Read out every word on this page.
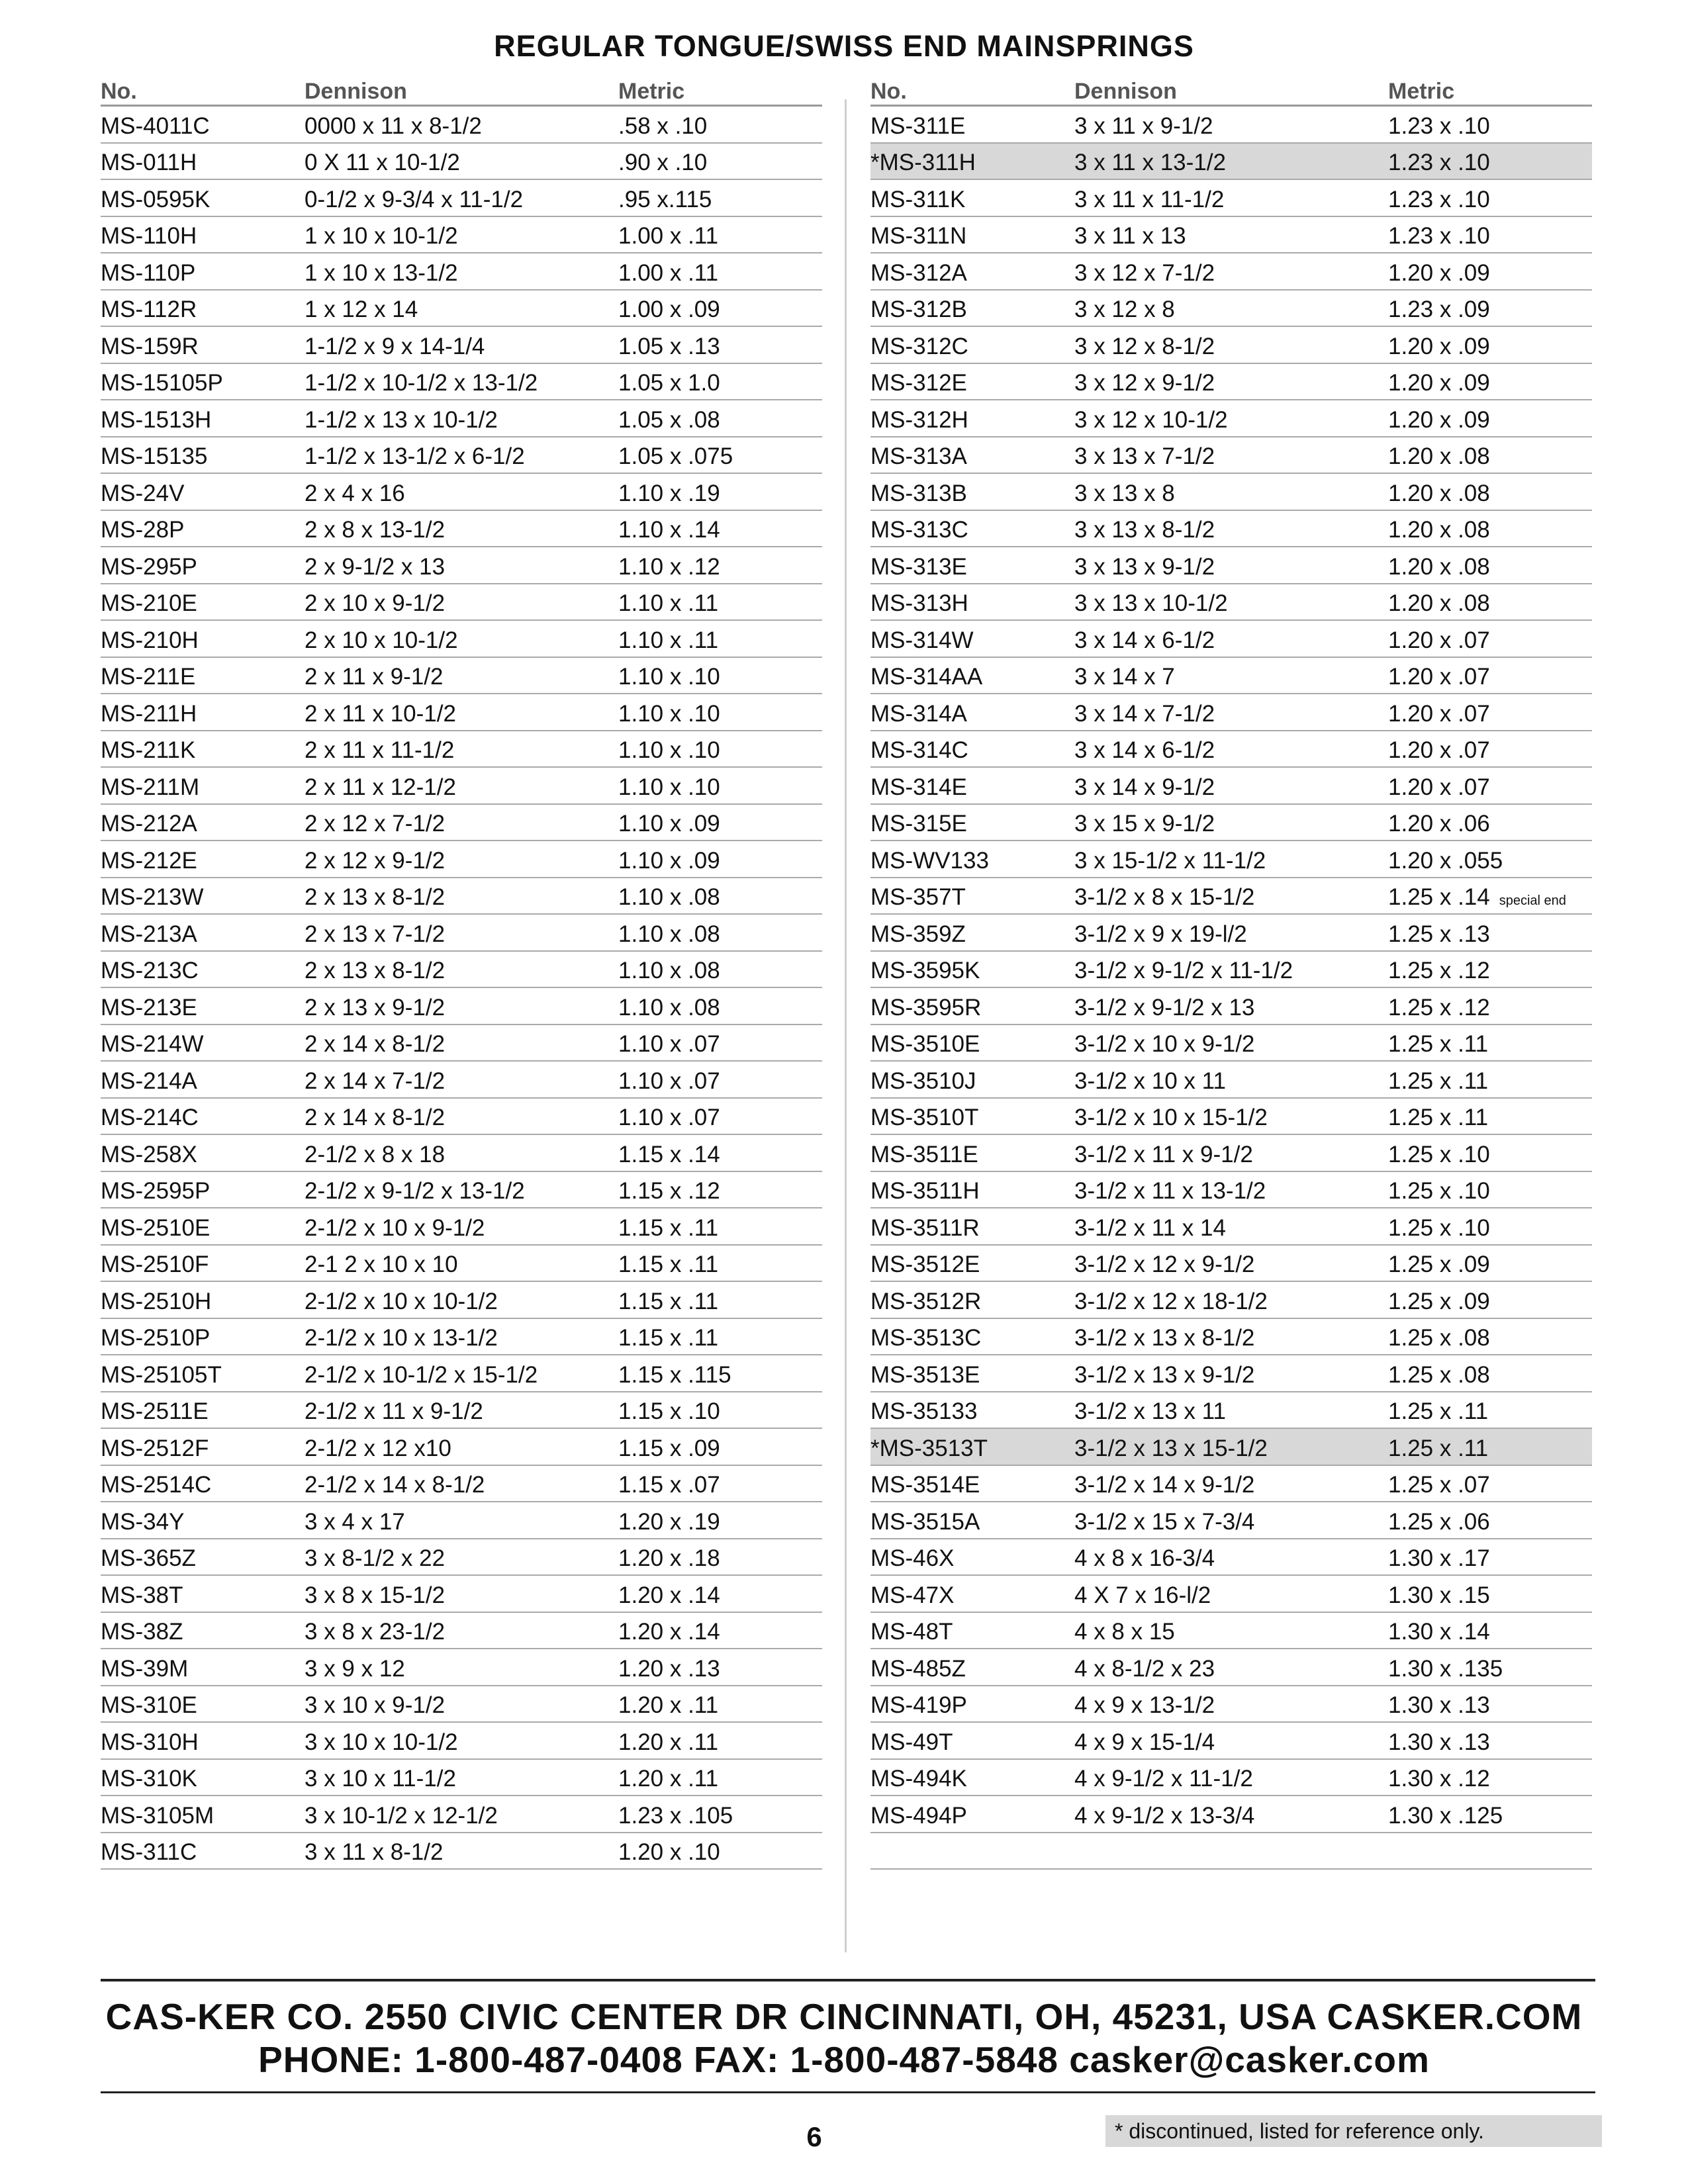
REGULAR TONGUE/SWISS END MAINSPRINGS
No.	Dennison	Metric
MS-4011C	0000 x 11 x 8-1/2	.58 x .10
MS-011H	0 X 11 x 10-1/2	.90 x .10
MS-0595K	0-1/2 x 9-3/4 x 11-1/2	.95 x.115
MS-110H	1 x 10 x 10-1/2	1.00 x .11
MS-110P	1 x 10 x 13-1/2	1.00 x .11
MS-112R	1 x 12 x 14	1.00 x .09
MS-159R	1-1/2 x 9 x 14-1/4	1.05 x .13
MS-15105P	1-1/2 x 10-1/2 x 13-1/2	1.05 x 1.0
MS-1513H	1-1/2 x 13 x 10-1/2	1.05 x .08
MS-15135	1-1/2 x 13-1/2 x 6-1/2	1.05 x .075
MS-24V	2 x 4 x 16	1.10 x .19
MS-28P	2 x 8 x 13-1/2	1.10 x .14
MS-295P	2 x 9-1/2 x 13	1.10 x .12
MS-210E	2 x 10 x 9-1/2	1.10 x .11
MS-210H	2 x 10 x 10-1/2	1.10 x .11
MS-211E	2 x 11 x 9-1/2	1.10 x .10
MS-211H	2 x 11 x 10-1/2	1.10 x .10
MS-211K	2 x 11 x 11-1/2	1.10 x .10
MS-211M	2 x 11 x 12-1/2	1.10 x .10
MS-212A	2 x 12 x 7-1/2	1.10 x .09
MS-212E	2 x 12 x 9-1/2	1.10 x .09
MS-213W	2 x 13 x 8-1/2	1.10 x .08
MS-213A	2 x 13 x 7-1/2	1.10 x .08
MS-213C	2 x 13 x 8-1/2	1.10 x .08
MS-213E	2 x 13 x 9-1/2	1.10 x .08
MS-214W	2 x 14 x 8-1/2	1.10 x .07
MS-214A	2 x 14 x 7-1/2	1.10 x .07
MS-214C	2 x 14 x 8-1/2	1.10 x .07
MS-258X	2-1/2 x 8 x 18	1.15 x .14
MS-2595P	2-1/2 x 9-1/2 x 13-1/2	1.15 x .12
MS-2510E	2-1/2 x 10 x 9-1/2	1.15 x .11
MS-2510F	2-1 2 x 10 x 10	1.15 x .11
MS-2510H	2-1/2 x 10 x 10-1/2	1.15 x .11
MS-2510P	2-1/2 x 10 x 13-1/2	1.15 x .11
MS-25105T	2-1/2 x 10-1/2 x 15-1/2	1.15 x .115
MS-2511E	2-1/2 x 11 x 9-1/2	1.15 x .10
MS-2512F	2-1/2 x 12 x10	1.15 x .09
MS-2514C	2-1/2 x 14 x 8-1/2	1.15 x .07
MS-34Y	3 x 4 x 17	1.20 x .19
MS-365Z	3 x 8-1/2 x 22	1.20 x .18
MS-38T	3 x 8 x 15-1/2	1.20 x .14
MS-38Z	3 x 8 x 23-1/2	1.20 x .14
MS-39M	3 x 9 x 12	1.20 x .13
MS-310E	3 x 10 x 9-1/2	1.20 x .11
MS-310H	3 x 10 x 10-1/2	1.20 x .11
MS-310K	3 x 10 x 11-1/2	1.20 x .11
MS-3105M	3 x 10-1/2 x 12-1/2	1.23 x .105
MS-311C	3 x 11 x 8-1/2	1.20 x .10
No.	Dennison	Metric
MS-311E	3 x 11 x 9-1/2	1.23 x .10
*MS-311H	3 x 11 x 13-1/2	1.23 x .10
MS-311K	3 x 11 x 11-1/2	1.23 x .10
MS-311N	3 x 11 x 13	1.23 x .10
MS-312A	3 x 12 x 7-1/2	1.20 x .09
MS-312B	3 x 12 x 8	1.23 x .09
MS-312C	3 x 12 x 8-1/2	1.20 x .09
MS-312E	3 x 12 x 9-1/2	1.20 x .09
MS-312H	3 x 12 x 10-1/2	1.20 x .09
MS-313A	3 x 13 x 7-1/2	1.20 x .08
MS-313B	3 x 13 x 8	1.20 x .08
MS-313C	3 x 13 x 8-1/2	1.20 x .08
MS-313E	3 x 13 x 9-1/2	1.20 x .08
MS-313H	3 x 13 x 10-1/2	1.20 x .08
MS-314W	3 x 14 x 6-1/2	1.20 x .07
MS-314AA	3 x 14 x 7	1.20 x .07
MS-314A	3 x 14 x 7-1/2	1.20 x .07
MS-314C	3 x 14 x 6-1/2	1.20 x .07
MS-314E	3 x 14 x 9-1/2	1.20 x .07
MS-315E	3 x 15 x 9-1/2	1.20 x .06
MS-WV133	3 x 15-1/2 x 11-1/2	1.20 x .055
MS-357T	3-1/2 x 8 x 15-1/2	1.25 x .14 special end
MS-359Z	3-1/2 x 9 x 19-l/2	1.25 x .13
MS-3595K	3-1/2 x 9-1/2 x 11-1/2	1.25 x .12
MS-3595R	3-1/2 x 9-1/2 x 13	1.25 x .12
MS-3510E	3-1/2 x 10 x 9-1/2	1.25 x .11
MS-3510J	3-1/2 x 10 x 11	1.25 x .11
MS-3510T	3-1/2 x 10 x 15-1/2	1.25 x .11
MS-3511E	3-1/2 x 11 x 9-1/2	1.25 x .10
MS-3511H	3-1/2 x 11 x 13-1/2	1.25 x .10
MS-3511R	3-1/2 x 11 x 14	1.25 x .10
MS-3512E	3-1/2 x 12 x 9-1/2	1.25 x .09
MS-3512R	3-1/2 x 12 x 18-1/2	1.25 x .09
MS-3513C	3-1/2 x 13 x 8-1/2	1.25 x .08
MS-3513E	3-1/2 x 13 x 9-1/2	1.25 x .08
MS-35133	3-1/2 x 13 x 11	1.25 x .11
*MS-3513T	3-1/2 x 13 x 15-1/2	1.25 x .11
MS-3514E	3-1/2 x 14 x 9-1/2	1.25 x .07
MS-3515A	3-1/2 x 15 x 7-3/4	1.25 x .06
MS-46X	4 x 8 x 16-3/4	1.30 x .17
MS-47X	4 X 7 x 16-l/2	1.30 x .15
MS-48T	4 x 8 x 15	1.30 x .14
MS-485Z	4 x 8-1/2 x 23	1.30 x .135
MS-419P	4 x 9 x 13-1/2	1.30 x .13
MS-49T	4 x 9 x 15-1/4	1.30 x .13
MS-494K	4 x 9-1/2 x 11-1/2	1.30 x .12
MS-494P	4 x 9-1/2 x 13-3/4	1.30 x .125
CAS-KER CO. 2550 CIVIC CENTER DR CINCINNATI, OH, 45231, USA CASKER.COM
PHONE: 1-800-487-0408 FAX: 1-800-487-5848 casker@casker.com
6	* discontinued, listed for reference only.
